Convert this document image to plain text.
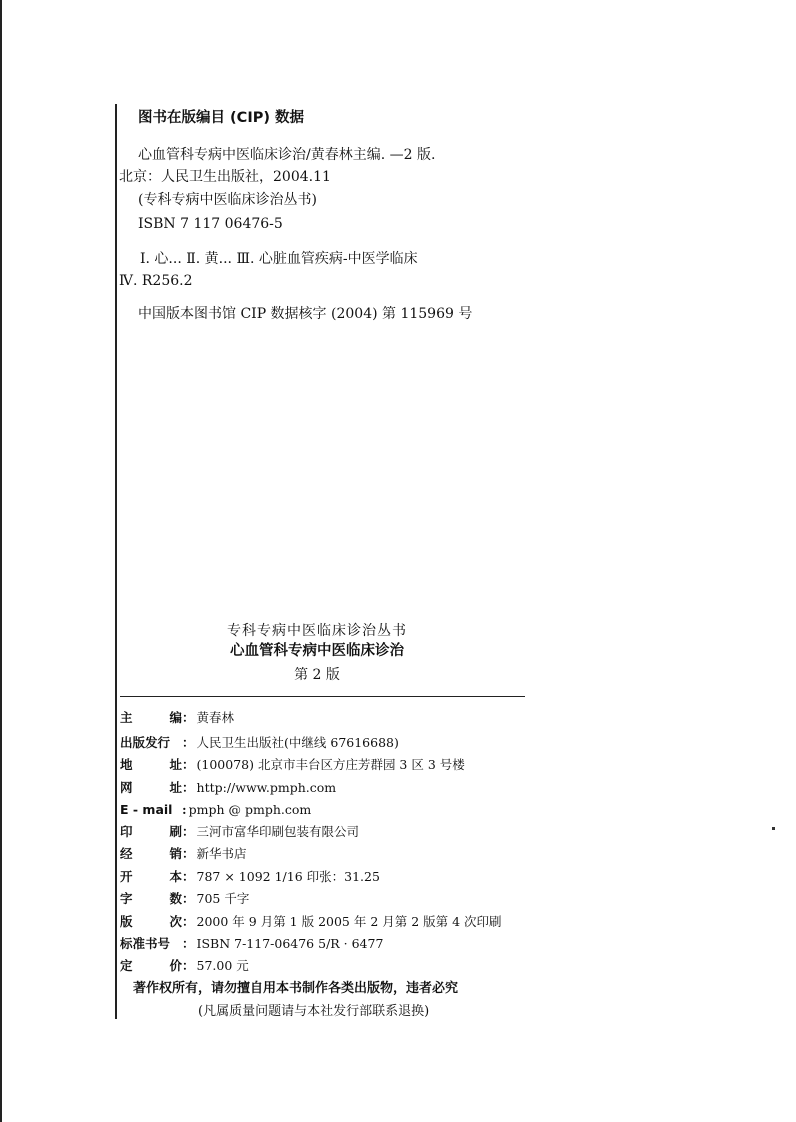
图书在版编目 (CIP) 数据
心血管科专病中医临床诊治/黄春林主编. —2 版.
北京：人民卫生出版社，2004.11
(专科专病中医临床诊治丛书)
ISBN 7 117 06476-5
Ⅰ. 心... Ⅱ. 黄... Ⅲ. 心脏血管疾病-中医学临床
Ⅳ. R256.2
中国版本图书馆 CIP 数据核字 (2004) 第 115969 号
专科专病中医临床诊治丛书
心血管科专病中医临床诊治
第 2 版
主	编 ： 黄春林
出版发行 ： 人民卫生出版社(中继线 67616688)
地	址 ： (100078) 北京市丰台区方庄芳群园 3 区 3 号楼
网	址 ： http://www.pmph.com
E - mail : pmph @ pmph.com
印	刷 ： 三河市富华印刷包装有限公司
经	销 ： 新华书店
开	本 ： 787 × 1092 1/16 印张：31.25
字	数 ： 705 千字
版	次 ： 2000 年 9 月第 1 版 2005 年 2 月第 2 版第 4 次印刷
标准书号 ： ISBN 7-117-06476 5/R · 6477
定	价 ： 57.00 元
著作权所有，请勿擅自用本书制作各类出版物，违者必究
(凡属质量问题请与本社发行部联系退换)
